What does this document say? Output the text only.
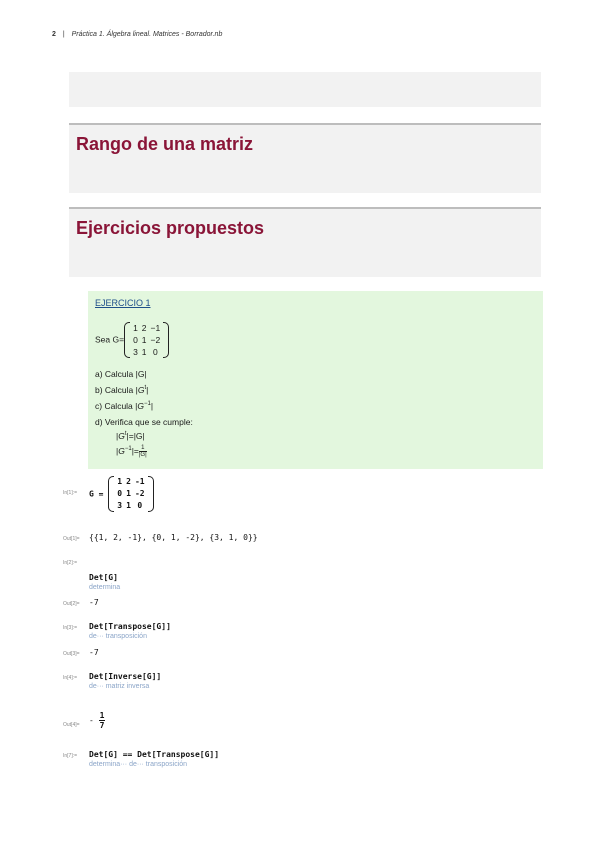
2 | Práctica 1. Álgebra lineal. Matrices - Borrador.nb
Rango de una matriz
Ejercicios propuestos
EJERCICIO 1
Sea G=
1	2	−1
0	1	−2
3	1	0
a) Calcula |G|
b) Calcula $|G^t|$
c) Calcula $|G^{-1}|$
d) Verifica que se cumple:
$|G^t|=|G|$
$|G^{-1}|= \frac{1}{|G|}$
In[1]:= G =
1	2	-1
0	1	-2
3	1	0
Out[1]= {{1, 2, -1}, {0, 1, -2}, {3, 1, 0}}
In[2]:=
Det[G]
determina
Out[2]= -7
In[3]:= Det[Transpose[G]]
de··· transposición
Out[3]= -7
In[4]:= Det[Inverse[G]]
de··· matriz inversa
$Out[4]= - \frac{1}{7}$
In[7]:= Det[G] == Det[Transpose[G]]
determina··· de··· transposición
